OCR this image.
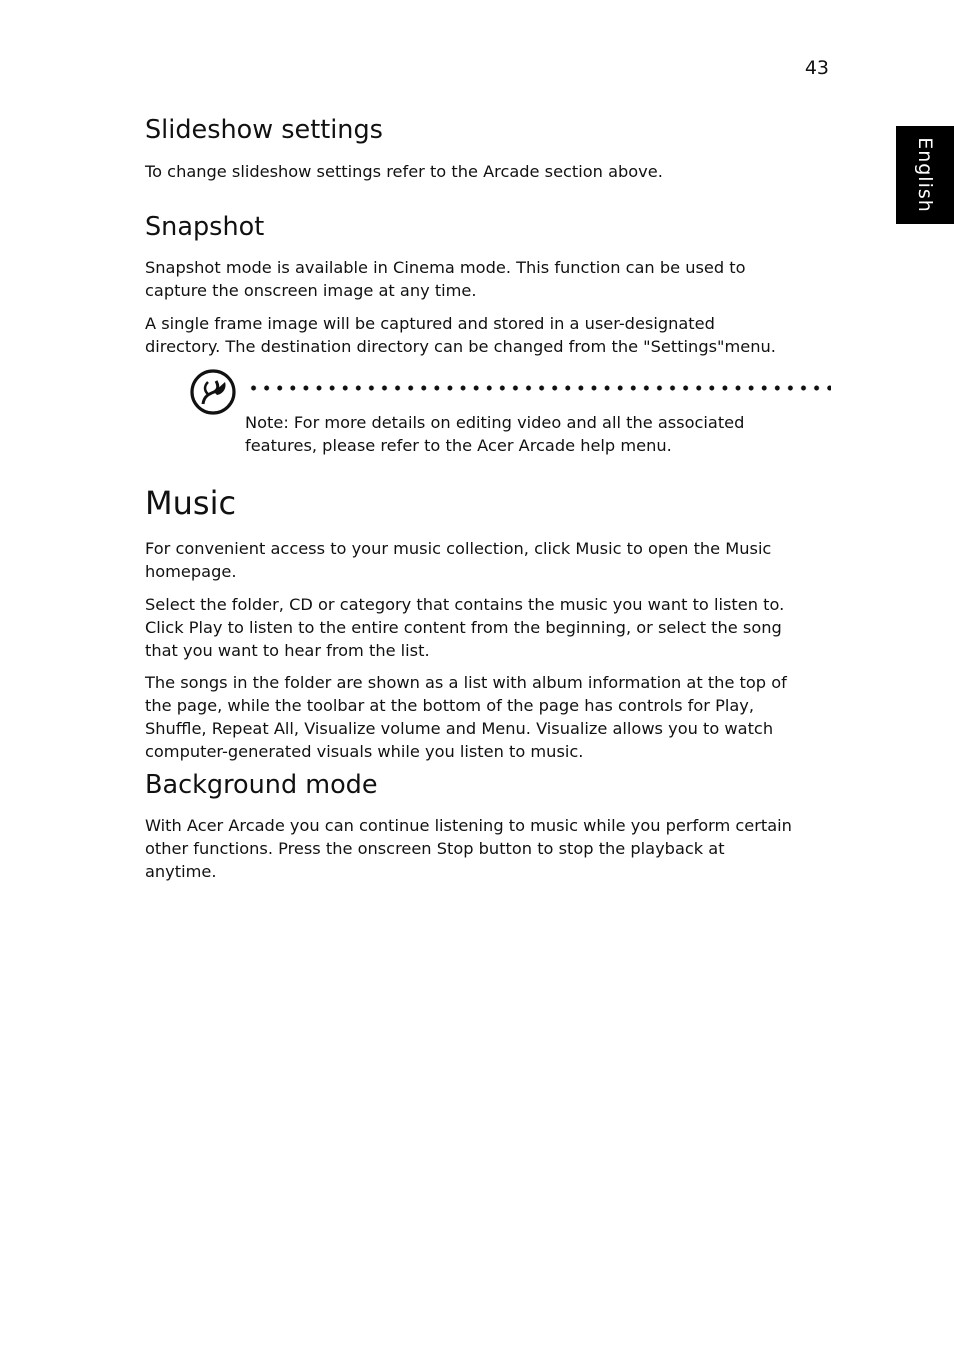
43
English
Slideshow settings

To change slideshow settings refer to the Arcade section above.

Snapshot

Snapshot mode is available in Cinema mode. This function can be used to
capture the onscreen image at any time.

A single frame image will be captured and stored in a user-designated
directory. The destination directory can be changed from the "Settings"menu.

Music

For convenient access to your music collection, click Music to open the Music
homepage.

Select the folder, CD or category that contains the music you want to listen to.
Click Play to listen to the entire content from the beginning, or select the song
that you want to hear from the list.

The songs in the folder are shown as a list with album information at the top of
the page, while the toolbar at the bottom of the page has controls for Play,
Shuffle, Repeat All, Visualize volume and Menu. Visualize allows you to watch
computer-generated visuals while you listen to music.

Background mode

With Acer Arcade you can continue listening to music while you perform certain
other functions. Press the onscreen Stop button to stop the playback at
anytime.

Note: For more details on editing video and all the associated
features, please refer to the Acer Arcade help menu.
